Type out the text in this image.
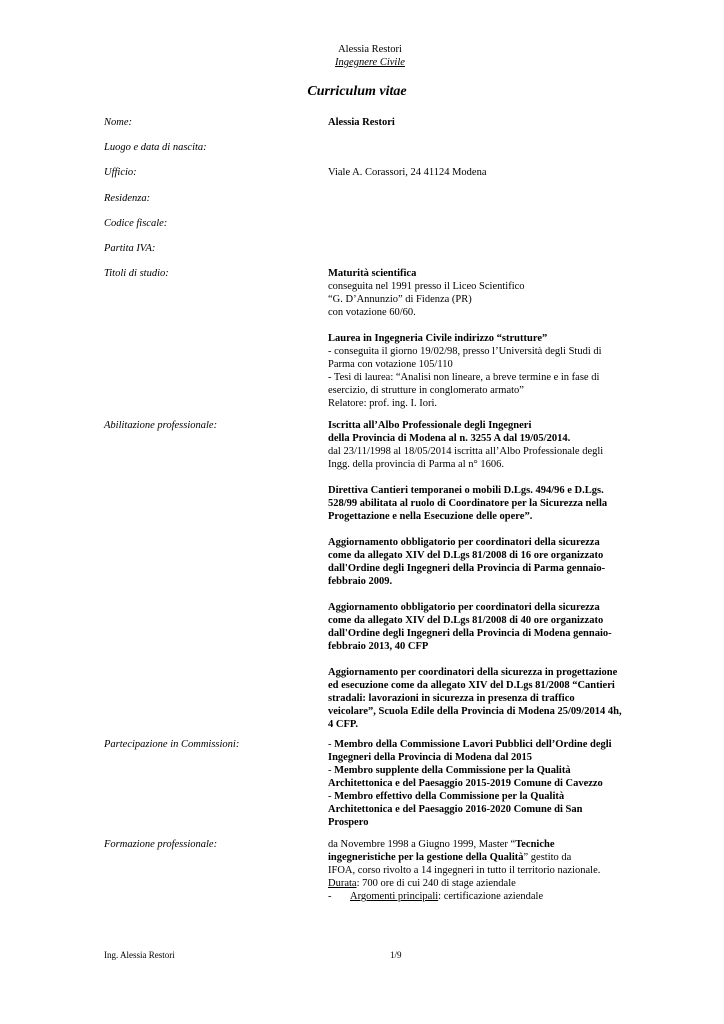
Alessia Restori
Ingegnere Civile
Curriculum vitae
Nome:	Alessia Restori
Luogo e data di nascita:
Ufficio:	Viale A. Corassori, 24 41124 Modena
Residenza:
Codice fiscale:
Partita IVA:
Titoli di studio:	Maturità scientifica
conseguita nel 1991 presso il Liceo Scientifico
“G. D’Annunzio” di Fidenza (PR)
con votazione 60/60.
Laurea in Ingegneria Civile indirizzo “strutture”
- conseguita il giorno 19/02/98, presso l’Università degli Studi di
Parma con votazione 105/110
- Tesi di laurea: “Analisi non lineare, a breve termine e in fase di
esercizio, di strutture in conglomerato armato”
Relatore: prof. ing. I. Iori.
Abilitazione professionale:	Iscritta all’Albo Professionale degli Ingegneri
della Provincia di Modena al n. 3255 A dal 19/05/2014.
dal 23/11/1998 al 18/05/2014 iscritta all’Albo Professionale degli
Ingg. della provincia di Parma al n° 1606.
Direttiva Cantieri temporanei o mobili D.Lgs. 494/96 e D.Lgs.
528/99 abilitata al ruolo di Coordinatore per la Sicurezza nella
Progettazione e nella Esecuzione delle opere”.
Aggiornamento obbligatorio per coordinatori della sicurezza
come da allegato XIV del D.Lgs 81/2008 di 16 ore organizzato
dall'Ordine degli Ingegneri della Provincia di Parma gennaio-
febbraio 2009.
Aggiornamento obbligatorio per coordinatori della sicurezza
come da allegato XIV del D.Lgs 81/2008 di 40 ore organizzato
dall'Ordine degli Ingegneri della Provincia di Modena gennaio-
febbraio 2013, 40 CFP
Aggiornamento per coordinatori della sicurezza in progettazione
ed esecuzione come da allegato XIV del D.Lgs 81/2008 “Cantieri
stradali: lavorazioni in sicurezza in presenza di traffico
veicolare”, Scuola Edile della Provincia di Modena 25/09/2014 4h,
4 CFP.
Partecipazione in Commissioni:	- Membro della Commissione Lavori Pubblici dell’Ordine degli
Ingegneri della Provincia di Modena dal 2015
- Membro supplente della Commissione per la Qualità
Architettonica e del Paesaggio 2015-2019 Comune di Cavezzo
- Membro effettivo della Commissione per la Qualità
Architettonica e del Paesaggio 2016-2020 Comune di San
Prospero
Formazione professionale:	da Novembre 1998 a Giugno 1999, Master “Tecniche
ingegneristiche per la gestione della Qualità” gestito da
IFOA, corso rivolto a 14 ingegneri in tutto il territorio nazionale.
Durata: 700 ore di cui 240 di stage aziendale
- Argomenti principali: certificazione aziendale
Ing. Alessia Restori	1/9
